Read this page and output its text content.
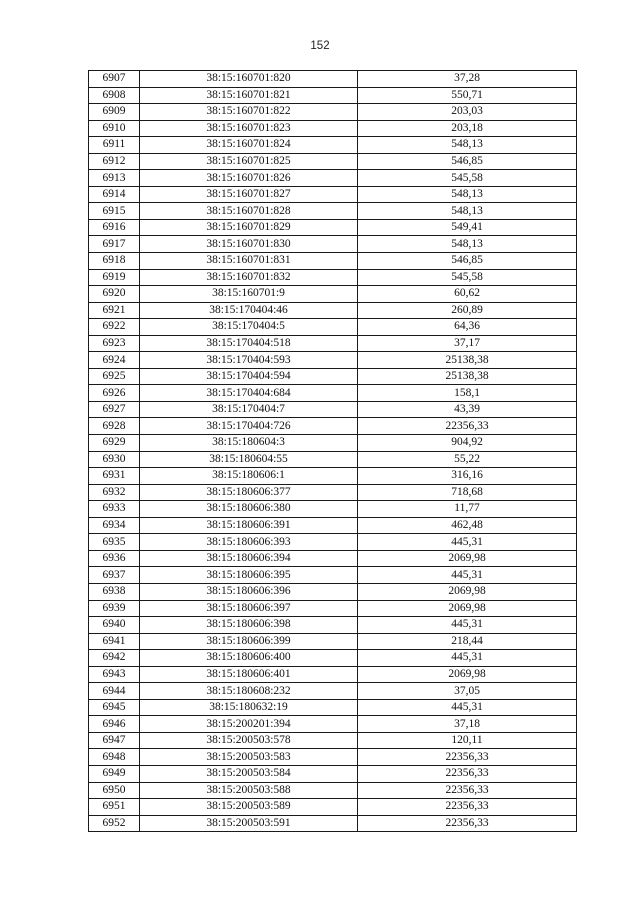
152
6907	38:15:160701:820	37,28
6908	38:15:160701:821	550,71
6909	38:15:160701:822	203,03
6910	38:15:160701:823	203,18
6911	38:15:160701:824	548,13
6912	38:15:160701:825	546,85
6913	38:15:160701:826	545,58
6914	38:15:160701:827	548,13
6915	38:15:160701:828	548,13
6916	38:15:160701:829	549,41
6917	38:15:160701:830	548,13
6918	38:15:160701:831	546,85
6919	38:15:160701:832	545,58
6920	38:15:160701:9	60,62
6921	38:15:170404:46	260,89
6922	38:15:170404:5	64,36
6923	38:15:170404:518	37,17
6924	38:15:170404:593	25138,38
6925	38:15:170404:594	25138,38
6926	38:15:170404:684	158,1
6927	38:15:170404:7	43,39
6928	38:15:170404:726	22356,33
6929	38:15:180604:3	904,92
6930	38:15:180604:55	55,22
6931	38:15:180606:1	316,16
6932	38:15:180606:377	718,68
6933	38:15:180606:380	11,77
6934	38:15:180606:391	462,48
6935	38:15:180606:393	445,31
6936	38:15:180606:394	2069,98
6937	38:15:180606:395	445,31
6938	38:15:180606:396	2069,98
6939	38:15:180606:397	2069,98
6940	38:15:180606:398	445,31
6941	38:15:180606:399	218,44
6942	38:15:180606:400	445,31
6943	38:15:180606:401	2069,98
6944	38:15:180608:232	37,05
6945	38:15:180632:19	445,31
6946	38:15:200201:394	37,18
6947	38:15:200503:578	120,11
6948	38:15:200503:583	22356,33
6949	38:15:200503:584	22356,33
6950	38:15:200503:588	22356,33
6951	38:15:200503:589	22356,33
6952	38:15:200503:591	22356,33
